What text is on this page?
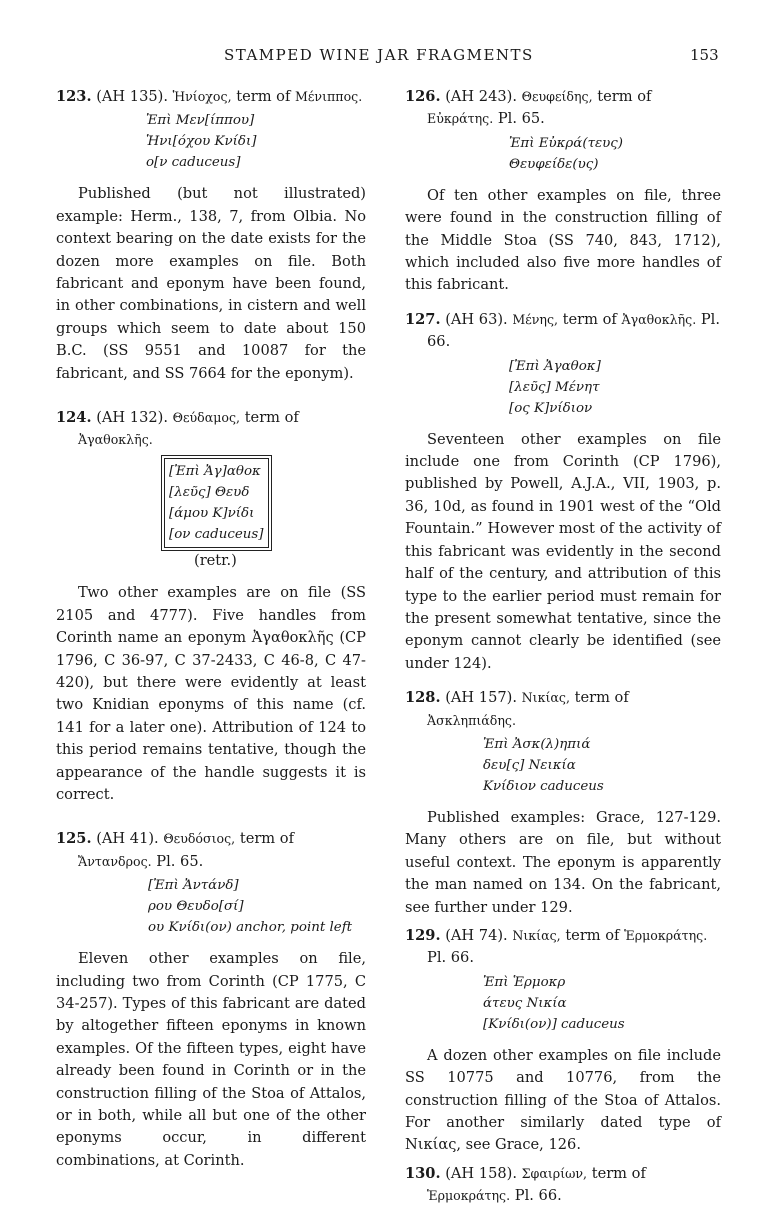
STAMPED WINE JAR FRAGMENTS	153
123. (AH 135). Ἡνίοχος, term of Μένιππος.
Ἐπὶ Μεν[ίππου]
Ἡνι[όχου Κνίδι]
ο[ν caduceus]
Published (but not illustrated) example: Herm., 138, 7, from Olbia. No context bearing on the date exists for the dozen more examples on file. Both fabricant and eponym have been found, in other combinations, in cistern and well groups which seem to date about 150 B.C. (SS 9551 and 10087 for the fabricant, and SS 7664 for the eponym).
124. (AH 132). Θεύδαμος, term of Ἀγαθοκλῆς.
[Ἐπὶ Ἀγ]αθοκ
[λεῦς] Θευδ
[άμου Κ]νίδι
[ον caduceus]
(retr.)
Two other examples are on file (SS 2105 and 4777). Five handles from Corinth name an eponym Ἀγαθοκλῆς (CP 1796, C 36-97, C 37-2433, C 46-8, C 47-420), but there were evidently at least two Knidian eponyms of this name (cf. 141 for a later one). Attribution of 124 to this period remains tentative, though the appearance of the handle suggests it is correct.
125. (AH 41). Θευδόσιος, term of Ἄντανδρος. Pl. 65.
[Ἐπὶ Ἀντάνδ]
ρου Θευδο[σί]
ου Κνίδι(ον) anchor, point left
Eleven other examples on file, including two from Corinth (CP 1775, C 34-257). Types of this fabricant are dated by altogether fifteen eponyms in known examples. Of the fifteen types, eight have already been found in Corinth or in the construction filling of the Stoa of Attalos, or in both, while all but one of the other eponyms occur, in different combinations, at Corinth.
126. (AH 243). Θευφείδης, term of Εὐκράτης. Pl. 65.
Ἐπὶ Εὐκρά(τευς)
Θευφείδε(υς)
Of ten other examples on file, three were found in the construction filling of the Middle Stoa (SS 740, 843, 1712), which included also five more handles of this fabricant.
127. (AH 63). Μένης, term of Ἀγαθοκλῆς. Pl. 66.
[Ἐπὶ Ἀγαθοκ]
[λεῦς] Μένητ
[ος Κ]νίδιον
Seventeen other examples on file include one from Corinth (CP 1796), published by Powell, A.J.A., VII, 1903, p. 36, 10d, as found in 1901 west of the “Old Fountain.” However most of the activity of this fabricant was evidently in the second half of the century, and attribution of this type to the earlier period must remain for the present somewhat tentative, since the eponym cannot clearly be identified (see under 124).
128. (AH 157). Νικίας, term of Ἀσκληπιάδης.
Ἐπὶ Ἀσκ(λ)ηπιά
δευ[ς] Νεικία
Κνίδιον caduceus
Published examples: Grace, 127-129. Many others are on file, but without useful context. The eponym is apparently the man named on 134. On the fabricant, see further under 129.
129. (AH 74). Νικίας, term of Ἑρμοκράτης. Pl. 66.
Ἐπὶ Ἑρμοκρ
άτευς Νικία
[Κνίδι(ον)] caduceus
A dozen other examples on file include SS 10775 and 10776, from the construction filling of the Stoa of Attalos. For another similarly dated type of Νικίας, see Grace, 126.
130. (AH 158). Σφαιρίων, term of Ἑρμοκράτης. Pl. 66.
